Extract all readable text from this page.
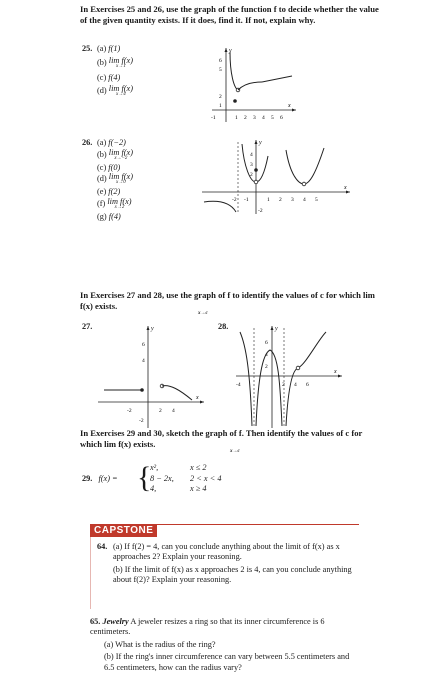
In Exercises 25 and 26, use the graph of the function f to decide whether the value of the given quantity exists. If it does, find it. If not, explain why.
25. (a) f(1)
(b) lim f(x)
x→1
(c) f(4)
(d) lim f(x)
x→4
x
y
-1	1 2 3 4 5 6
6
5
2
1
26. (a) f(−2)
(b) lim f(x)
x→−2
(c) f(0)
(d) lim f(x)
x→0
(e) f(2)
(f) lim f(x)
x→2
(g) f(4)
x
y
-2 -1	1 2 3 4 5
4
3
2
-2
In Exercises 27 and 28, use the graph of f to identify the values of c for which lim f(x) exists.
x→c
27.
x
y
-2	2 4
6
4
-2
28.
x
y
-4	2 4 6
6
4
2
In Exercises 29 and 30, sketch the graph of f. Then identify the values of c for which lim f(x) exists.
x→c
29. f(x) = {
x²,	x ≤ 2
8 − 2x, 2 < x < 4
4,	x ≥ 4
CAPSTONE
64. (a) If f(2) = 4, can you conclude anything about the limit of f(x) as x approaches 2? Explain your reasoning.
(b) If the limit of f(x) as x approaches 2 is 4, can you conclude anything about f(2)? Explain your reasoning.
65. Jewelry A jeweler resizes a ring so that its inner circumference is 6 centimeters.
(a) What is the radius of the ring?
(b) If the ring's inner circumference can vary between 5.5 centimeters and 6.5 centimeters, how can the radius vary?
